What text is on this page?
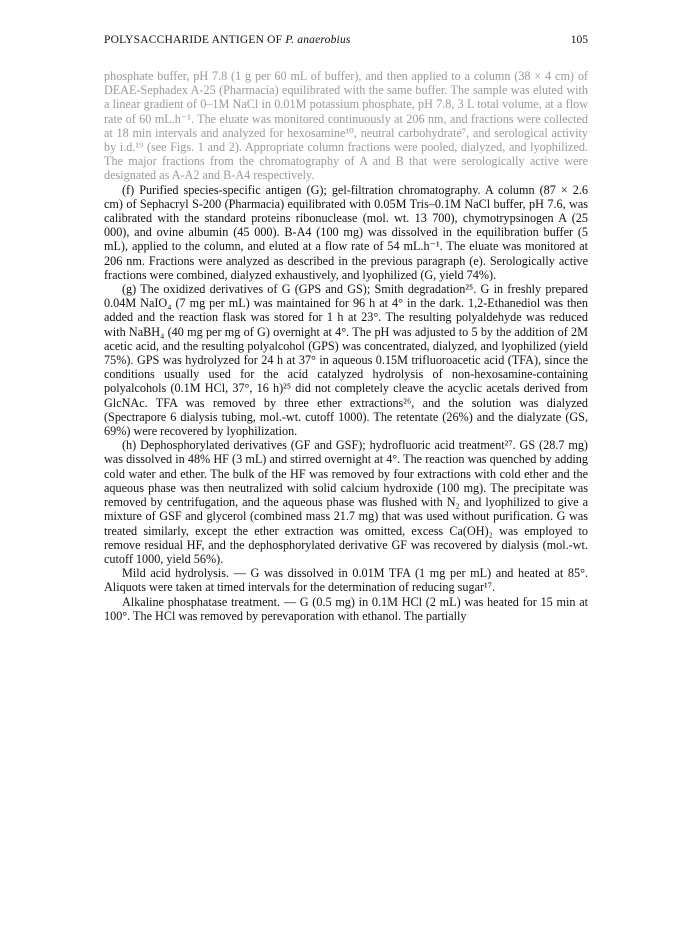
POLYSACCHARIDE ANTIGEN OF P. anaerobius	105

phosphate buffer, pH 7.8 (1 g per 60 mL of buffer), and then applied to a column (38 × 4 cm) of DEAE-Sephadex A-25 (Pharmacia) equilibrated with the same buffer. The sample was eluted with a linear gradient of 0–1M NaCl in 0.01M potassium phosphate, pH 7.8, 3 L total volume, at a flow rate of 60 mL.h⁻¹. The eluate was monitored continuously at 206 nm, and fractions were collected at 18 min intervals and analyzed for hexosamine¹⁰, neutral carbohydrate⁷, and serological activity by i.d.¹⁹ (see Figs. 1 and 2). Appropriate column fractions were pooled, dialyzed, and lyophilized. The major fractions from the chromatography of A and B that were serologically active were designated as A-A2 and B-A4 respectively.

(f) Purified species-specific antigen (G); gel-filtration chromatography. A column (87 × 2.6 cm) of Sephacryl S-200 (Pharmacia) equilibrated with 0.05M Tris–0.1M NaCl buffer, pH 7.6, was calibrated with the standard proteins ribonuclease (mol. wt. 13 700), chymotrypsinogen A (25 000), and ovine albumin (45 000). B-A4 (100 mg) was dissolved in the equilibration buffer (5 mL), applied to the column, and eluted at a flow rate of 54 mL.h⁻¹. The eluate was monitored at 206 nm. Fractions were analyzed as described in the previous paragraph (e). Serologically active fractions were combined, dialyzed exhaustively, and lyophilized (G, yield 74%).

(g) The oxidized derivatives of G (GPS and GS); Smith degradation²⁵. G in freshly prepared 0.04M NaIO₄ (7 mg per mL) was maintained for 96 h at 4° in the dark. 1,2-Ethanediol was then added and the reaction flask was stored for 1 h at 23°. The resulting polyaldehyde was reduced with NaBH₄ (40 mg per mg of G) overnight at 4°. The pH was adjusted to 5 by the addition of 2M acetic acid, and the resulting polyalcohol (GPS) was concentrated, dialyzed, and lyophilized (yield 75%). GPS was hydrolyzed for 24 h at 37° in aqueous 0.15M trifluoroacetic acid (TFA), since the conditions usually used for the acid catalyzed hydrolysis of non-hexosamine-containing polyalcohols (0.1M HCl, 37°, 16 h)²⁵ did not completely cleave the acyclic acetals derived from GlcNAc. TFA was removed by three ether extractions²⁶, and the solution was dialyzed (Spectrapore 6 dialysis tubing, mol.-wt. cutoff 1000). The retentate (26%) and the dialyzate (GS, 69%) were recovered by lyophilization.

(h) Dephosphorylated derivatives (GF and GSF); hydrofluoric acid treatment²⁷. GS (28.7 mg) was dissolved in 48% HF (3 mL) and stirred overnight at 4°. The reaction was quenched by adding cold water and ether. The bulk of the HF was removed by four extractions with cold ether and the aqueous phase was then neutralized with solid calcium hydroxide (100 mg). The precipitate was removed by centrifugation, and the aqueous phase was flushed with N₂ and lyophilized to give a mixture of GSF and glycerol (combined mass 21.7 mg) that was used without purification. G was treated similarly, except the ether extraction was omitted, excess Ca(OH)₂ was employed to remove residual HF, and the dephosphorylated derivative GF was recovered by dialysis (mol.-wt. cutoff 1000, yield 56%).

Mild acid hydrolysis. — G was dissolved in 0.01M TFA (1 mg per mL) and heated at 85°. Aliquots were taken at timed intervals for the determination of reducing sugar¹⁷.

Alkaline phosphatase treatment. — G (0.5 mg) in 0.1M HCl (2 mL) was heated for 15 min at 100°. The HCl was removed by perevaporation with ethanol. The partially
